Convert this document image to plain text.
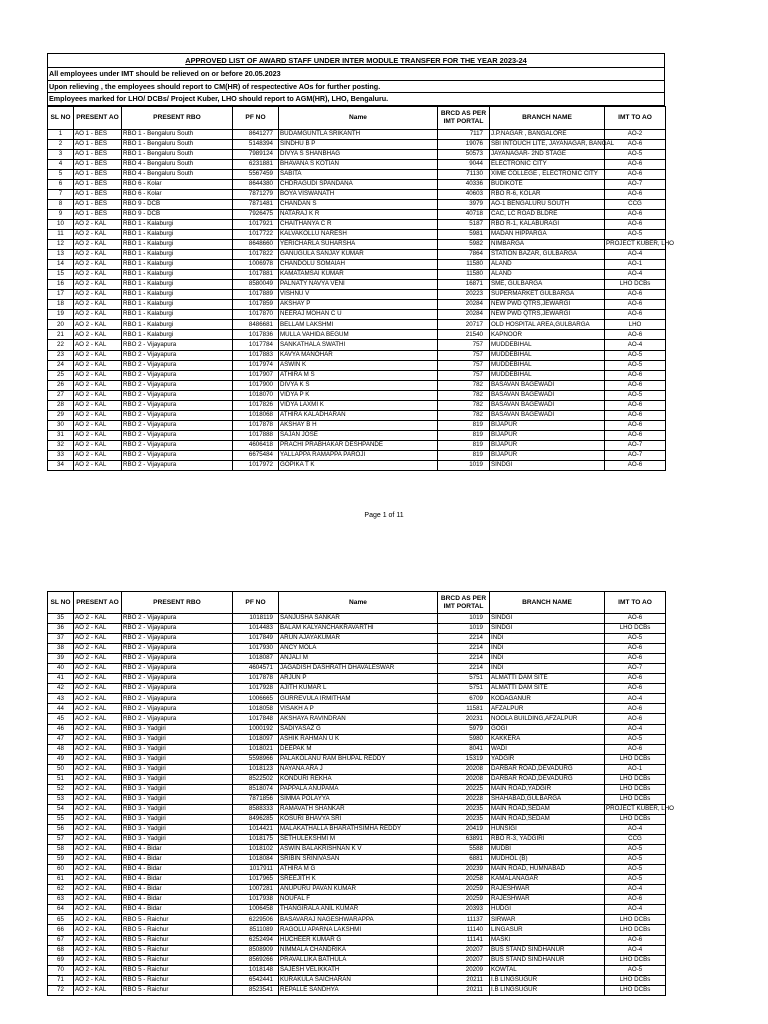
APPROVED LIST OF AWARD STAFF UNDER INTER MODULE TRANSFER FOR THE YEAR 2023-24
All employees under IMT should be relieved on or before 20.05.2023
Upon relieving , the employees should report to CM(HR) of respectective AOs for further posting.
Employees marked for LHO/ DCBs/ Project Kuber, LHO should report to AGM(HR), LHO, Bengaluru.
SL NO	PRESENT AO	PRESENT RBO	PF NO	Name	BRCD AS PER IMT PORTAL	BRANCH NAME	IMT TO AO
1	AO 1 - BES	RBO 1 - Bengaluru South	8641277	BUDAMGUNTLA SRIKANTH	7117	J.P.NAGAR , BANGALORE	AO-2
2	AO 1 - BES	RBO 1 - Bengaluru South	5148394	SINDHU B P	19076	SBI INTOUCH LITE, JAYANAGAR, BANGAL	AO-6
3	AO 1 - BES	RBO 1 - Bengaluru South	7989124	DIVYA S SHANBHAG	50573	JAYANAGAR- 2ND STAGE	AO-5
4	AO 1 - BES	RBO 4 - Bengaluru South	6231881	BHAVANA S KOTIAN	9044	ELECTRONIC CITY	AO-6
5	AO 1 - BES	RBO 4 - Bengaluru South	5567459	SABITA	71130	XIME COLLEGE , ELECTRONIC CITY	AO-6
6	AO 1 - BES	RBO 6 - Kolar	8644380	CHDRAGUDI SPANDANA	40336	BUDIKOTE	AO-7
7	AO 1 - BES	RBO 6 - Kolar	7871279	BOYA VISWANATH	40603	RBO R-6, KOLAR	AO-6
8	AO 1 - BES	RBO 9 - DCB	7871481	CHANDAN S	3979	AO-1 BENGALURU SOUTH	CCG
9	AO 1 - BES	RBO 9 - DCB	7926475	NATARAJ K R	40718	CAC, LC ROAD BLDRE	AO-6
10	AO 2 - KAL	RBO 1 - Kalaburgi	1017921	CHAITHANYA C R	5187	RBO R-1, KALABURAGI	AO-6
11	AO 2 - KAL	RBO 1 - Kalaburgi	1017722	KALVAKOLLU NARESH	5981	MADAN HIPPARGA	AO-5
12	AO 2 - KAL	RBO 1 - Kalaburgi	8648660	YERICHARLA SUHARSHA	5982	NIMBARGA	PROJECT KUBER, LHO
13	AO 2 - KAL	RBO 1 - Kalaburgi	1017822	GANUGULA SANJAY KUMAR	7864	STATION BAZAR, GULBARGA	AO-4
14	AO 2 - KAL	RBO 1 - Kalaburgi	1006978	CHANDOLU SOMAIAH	11580	ALAND	AO-1
15	AO 2 - KAL	RBO 1 - Kalaburgi	1017881	KAMATAMSAI KUMAR	11580	ALAND	AO-4
16	AO 2 - KAL	RBO 1 - Kalaburgi	8580049	PALNATY NAVYA VENI	16871	SME, GULBARGA	LHO DCBs
17	AO 2 - KAL	RBO 1 - Kalaburgi	1017889	VISHNU V	20223	SUPERMARKET GULBARGA	AO-6
18	AO 2 - KAL	RBO 1 - Kalaburgi	1017859	AKSHAY P	20284	NEW PWD QTRS,JEWARGI	AO-6
19	AO 2 - KAL	RBO 1 - Kalaburgi	1017870	NEERAJ MOHAN C U	20284	NEW PWD QTRS,JEWARGI	AO-6
20	AO 2 - KAL	RBO 1 - Kalaburgi	8486681	BELLAM LAKSHMI	20717	OLD HOSPITAL AREA,GULBARGA	LHO
21	AO 2 - KAL	RBO 1 - Kalaburgi	1017836	MULLA VAHIDA BEGUM	21540	KAPNOOR	AO-6
22	AO 2 - KAL	RBO 2 - Vijayapura	1017784	SANKATHALA SWATHI	757	MUDDEBIHAL	AO-4
23	AO 2 - KAL	RBO 2 - Vijayapura	1017883	KAVYA MANOHAR	757	MUDDEBIHAL	AO-5
24	AO 2 - KAL	RBO 2 - Vijayapura	1017974	ASWIN K	757	MUDDEBIHAL	AO-5
25	AO 2 - KAL	RBO 2 - Vijayapura	1017907	ATHIRA M S	757	MUDDEBIHAL	AO-6
26	AO 2 - KAL	RBO 2 - Vijayapura	1017900	DIVYA K S	782	BASAVAN BAGEWADI	AO-6
27	AO 2 - KAL	RBO 2 - Vijayapura	1018070	VIDYA P K	782	BASAVAN BAGEWADI	AO-5
28	AO 2 - KAL	RBO 2 - Vijayapura	1017826	VIDYA LAXMI K	782	BASAVAN BAGEWADI	AO-6
29	AO 2 - KAL	RBO 2 - Vijayapura	1018068	ATHIRA KALADHARAN	782	BASAVAN BAGEWADI	AO-6
30	AO 2 - KAL	RBO 2 - Vijayapura	1017878	AKSHAY B H	819	BIJAPUR	AO-6
31	AO 2 - KAL	RBO 2 - Vijayapura	1017888	SAJAN JOSE	819	BIJAPUR	AO-6
32	AO 2 - KAL	RBO 2 - Vijayapura	4606418	PRACHI PRABHAKAR DESHPANDE	819	BIJAPUR	AO-7
33	AO 2 - KAL	RBO 2 - Vijayapura	6675484	YALLAPPA RAMAPPA PAROJI	819	BIJAPUR	AO-7
34	AO 2 - KAL	RBO 2 - Vijayapura	1017972	GOPIKA T K	1019	SINDGI	AO-6
Page 1 of 11
SL NO	PRESENT AO	PRESENT RBO	PF NO	Name	BRCD AS PER IMT PORTAL	BRANCH NAME	IMT TO AO
35	AO 2 - KAL	RBO 2 - Vijayapura	1018119	SANJUSHA SANKAR	1019	SINDGI	AO-6
36	AO 2 - KAL	RBO 2 - Vijayapura	1014483	BALAM KALYANCHAKRAVARTHI	1019	SINDGI	LHO DCBs
37	AO 2 - KAL	RBO 2 - Vijayapura	1017849	ARUN AJAYAKUMAR	2214	INDI	AO-5
38	AO 2 - KAL	RBO 2 - Vijayapura	1017930	ANCY MOLA	2214	INDI	AO-6
39	AO 2 - KAL	RBO 2 - Vijayapura	1018087	ANJALI M	2214	INDI	AO-6
40	AO 2 - KAL	RBO 2 - Vijayapura	4604571	JAGADISH DASHRATH DHAVALESWAR	2214	INDI	AO-7
41	AO 2 - KAL	RBO 2 - Vijayapura	1017878	ARJUN P	5751	ALMATTI DAM SITE	AO-6
42	AO 2 - KAL	RBO 2 - Vijayapura	1017928	AJITH KUMAR L	5751	ALMATTI DAM SITE	AO-6
43	AO 2 - KAL	RBO 2 - Vijayapura	1006665	GURREVULA IRMITHAM	6709	KODAGANUR	AO-4
44	AO 2 - KAL	RBO 2 - Vijayapura	1018058	VISAKH A P	11581	AFZALPUR	AO-6
45	AO 2 - KAL	RBO 2 - Vijayapura	1017848	AKSHAYA RAVINDRAN	20231	NOOLA BUILDING,AFZALPUR	AO-6
46	AO 2 - KAL	RBO 3 - Yadgiri	1000192	SADIYASAZ G	5979	GOGI	AO-4
47	AO 2 - KAL	RBO 3 - Yadgiri	1018097	ASHIK RAHMAN U K	5980	KAKKERA	AO-5
48	AO 2 - KAL	RBO 3 - Yadgiri	1018021	DEEPAK M	8041	WADI	AO-6
49	AO 2 - KAL	RBO 3 - Yadgiri	5598966	PALAKOLANU RAM BHUPAL REDDY	15319	YADGIR	LHO DCBs
50	AO 2 - KAL	RBO 3 - Yadgiri	1018123	NAYANA ARA J	20208	DARBAR ROAD,DEVADURG	AO-1
51	AO 2 - KAL	RBO 3 - Yadgiri	8522502	KONDURI REKHA	20208	DARBAR ROAD,DEVADURG	LHO DCBs
52	AO 2 - KAL	RBO 3 - Yadgiri	8518074	PAPPALA ANUPAMA	20225	MAIN ROAD,YADGIR	LHO DCBs
53	AO 2 - KAL	RBO 3 - Yadgiri	7871856	SIMMA POLAYYA	20228	SHAHABAD,GULBARGA	LHO DCBs
54	AO 2 - KAL	RBO 3 - Yadgiri	8588333	RAMAVATH SHANKAR	20235	MAIN ROAD,SEDAM	PROJECT KUBER, LHO
55	AO 2 - KAL	RBO 3 - Yadgiri	8496285	KOSURI BHAVYA SRI	20235	MAIN ROAD,SEDAM	LHO DCBs
56	AO 2 - KAL	RBO 3 - Yadgiri	1014421	MALAKATHALLA BHARATHSIMHA REDDY	20419	HUNSIGI	AO-4
57	AO 2 - KAL	RBO 3 - Yadgiri	1018175	SETHULEKSHMI M	63891	RBO R-3, YADGIRI	CCG
58	AO 2 - KAL	RBO 4 - Bidar	1018102	ASWIN BALAKRISHNAN K V	5588	MUDBI	AO-5
59	AO 2 - KAL	RBO 4 - Bidar	1018084	SRIBIN SRINIVASAN	6881	MUDHOL (B)	AO-5
60	AO 2 - KAL	RBO 4 - Bidar	1017911	ATHIRA M G	20239	MAIN ROAD, HUMNABAD	AO-5
61	AO 2 - KAL	RBO 4 - Bidar	1017965	SREEJITH K	20258	KAMALANAGAR	AO-5
62	AO 2 - KAL	RBO 4 - Bidar	1007281	ANUPURU PAVAN KUMAR	20259	RAJESHWAR	AO-4
63	AO 2 - KAL	RBO 4 - Bidar	1017938	NOUFAL F	20259	RAJESHWAR	AO-6
64	AO 2 - KAL	RBO 4 - Bidar	1006458	THANGIRALA ANIL KUMAR	20393	HUDGI	AO-4
65	AO 2 - KAL	RBO 5 - Raichur	6229506	BASAVARAJ NAGESHWARAPPA	11137	SIRWAR	LHO DCBs
66	AO 2 - KAL	RBO 5 - Raichur	8511089	RAGOLU APARNA LAKSHMI	11140	LINGASUR	LHO DCBs
67	AO 2 - KAL	RBO 5 - Raichur	6252494	HUCHEER KUMAR G	11141	MASKI	AO-6
68	AO 2 - KAL	RBO 5 - Raichur	8508909	NIMMALA CHANDRIKA	20207	BUS STAND SINDHANUR	AO-4
69	AO 2 - KAL	RBO 5 - Raichur	8569266	PRAVALLIKA BATHULA	20207	BUS STAND SINDHANUR	LHO DCBs
70	AO 2 - KAL	RBO 5 - Raichur	1018148	SAJESH VELIKKATH	20209	KOWTAL	AO-5
71	AO 2 - KAL	RBO 5 - Raichur	6542441	KURAKULA SAICHARAN	20211	I.B LINGSUGUR	LHO DCBs
72	AO 2 - KAL	RBO 5 - Raichur	8523541	REPALLE SANDHYA	20211	I.B LINGSUGUR	LHO DCBs
